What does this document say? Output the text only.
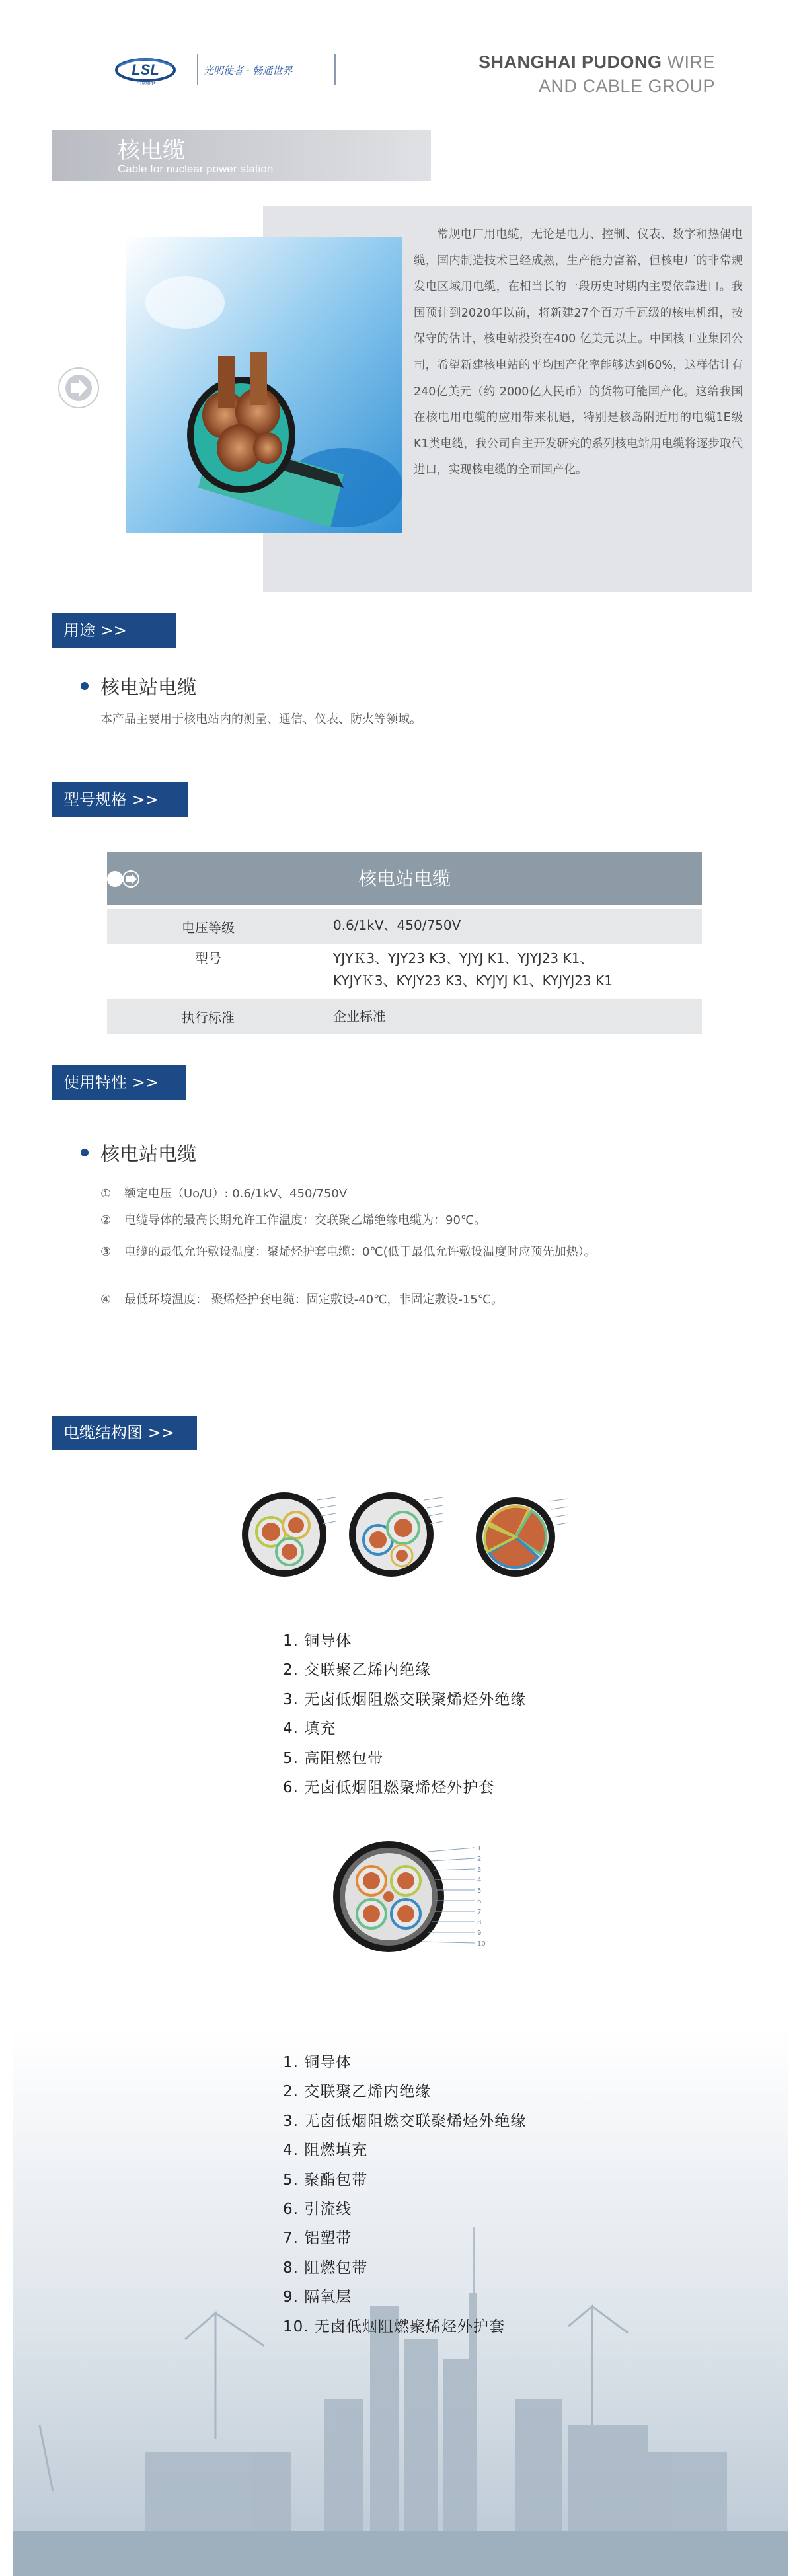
LSL
上缆藤仓
光明使者 · 畅通世界	SHANGHAI PUDONG WIRE
AND CABLE GROUP
核电缆
Cable for nuclear power station
常规电厂用电缆，无论是电力、控制、仪表、数字和热偶电缆，国内制造技术已经成熟，生产能力富裕，但核电厂的非常规发电区域用电缆，在相当长的一段历史时期内主要依靠进口。我国预计到2020年以前，将新建27个百万千瓦级的核电机组，按保守的估计，核电站投资在400 亿美元以上。中国核工业集团公司，希望新建核电站的平均国产化率能够达到60%，这样估计有240亿美元（约 2000亿人民币）的货物可能国产化。这给我国在核电用电缆的应用带来机遇，特别是核岛附近用的电缆1E级K1类电缆，我公司自主开发研究的系列核电站用电缆将逐步取代进口，实现核电缆的全面国产化。
用途 >>
核电站电缆
本产品主要用于核电站内的测量、通信、仪表、防火等领域。
型号规格 >>
核电站电缆
电压等级	0.6/1kV、450/750V
型号	YJYＫ3、YJY23 K3、YJYJ K1、YJYJ23 K1、
KYJYＫ3、KYJY23 K3、KYJYJ K1、KYJYJ23 K1
执行标准	企业标准
使用特性 >>
核电站电缆
① 额定电压（Uo/U）: 0.6/1kV、450/750V
② 电缆导体的最高长期允许工作温度：交联聚乙烯绝缘电缆为：90℃。
③ 电缆的最低允许敷设温度：聚烯烃护套电缆：0℃(低于最低允许敷设温度时应预先加热）。
④ 最低环境温度： 聚烯烃护套电缆：固定敷设-40℃，非固定敷设-15℃。
电缆结构图 >>
1. 铜导体
2. 交联聚乙烯内绝缘
3. 无卤低烟阻燃交联聚烯烃外绝缘
4. 填充
5. 高阻燃包带
6. 无卤低烟阻燃聚烯烃外护套
1
2
3
4
5
6
7
8
9
10
1. 铜导体
2. 交联聚乙烯内绝缘
3. 无卤低烟阻燃交联聚烯烃外绝缘
4. 阻燃填充
5. 聚酯包带
6. 引流线
7. 铝塑带
8. 阻燃包带
9. 隔氧层
10. 无卤低烟阻燃聚烯烃外护套
